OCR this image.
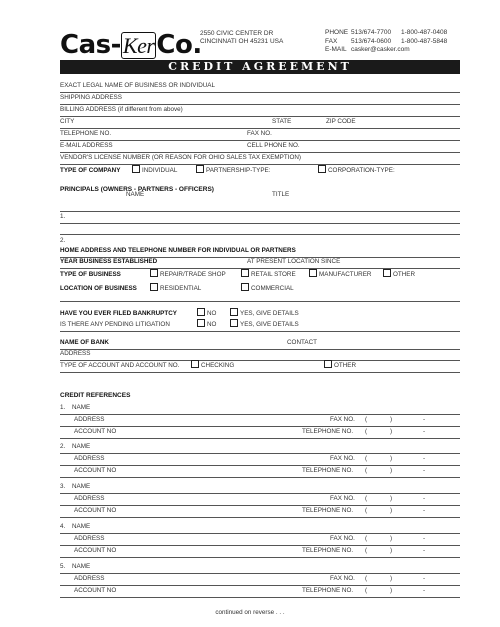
Cas-KerCo.
2550 CIVIC CENTER DR
CINCINNATI OH 45231 USA
PHONE 513/674-7700	1-800-487-0408
FAX	513/674-0600	1-800-487-5848
E-MAIL casker@casker.com
CREDIT AGREEMENT
EXACT LEGAL NAME OF BUSINESS OR INDIVIDUAL
SHIPPING ADDRESS
BILLING ADDRESS (if different from above)
CITY	STATE	ZIP CODE
TELEPHONE NO.	FAX NO.
E-MAIL ADDRESS	CELL PHONE NO.
VENDOR'S LICENSE NUMBER (OR REASON FOR OHIO SALES TAX EXEMPTION)
TYPE OF COMPANY	INDIVIDUAL	PARTNERSHIP-TYPE:	CORPORATION-TYPE:
PRINCIPALS (OWNERS - PARTNERS - OFFICERS)
NAME	TITLE
1.
2.
HOME ADDRESS AND TELEPHONE NUMBER FOR INDIVIDUAL OR PARTNERS
YEAR BUSINESS ESTABLISHED	AT PRESENT LOCATION SINCE
TYPE OF BUSINESS	REPAIR/TRADE SHOP	RETAIL STORE	MANUFACTURER	OTHER
LOCATION OF BUSINESS	RESIDENTIAL	COMMERCIAL
HAVE YOU EVER FILED BANKRUPTCY	NO	YES, GIVE DETAILS
IS THERE ANY PENDING LITIGATION	NO	YES, GIVE DETAILS
NAME OF BANK	CONTACT
ADDRESS
TYPE OF ACCOUNT AND ACCOUNT NO.	CHECKING	OTHER
CREDIT REFERENCES
1. NAME
ADDRESS	FAX NO. (	)	-
ACCOUNT NO	TELEPHONE NO. (	)	-
2. NAME
ADDRESS	FAX NO. (	)	-
ACCOUNT NO	TELEPHONE NO. (	)	-
3. NAME
ADDRESS	FAX NO. (	)	-
ACCOUNT NO	TELEPHONE NO. (	)	-
4. NAME
ADDRESS	FAX NO. (	)	-
ACCOUNT NO	TELEPHONE NO. (	)	-
5. NAME
ADDRESS	FAX NO. (	)	-
ACCOUNT NO	TELEPHONE NO. (	)	-
continued on reverse . . .
